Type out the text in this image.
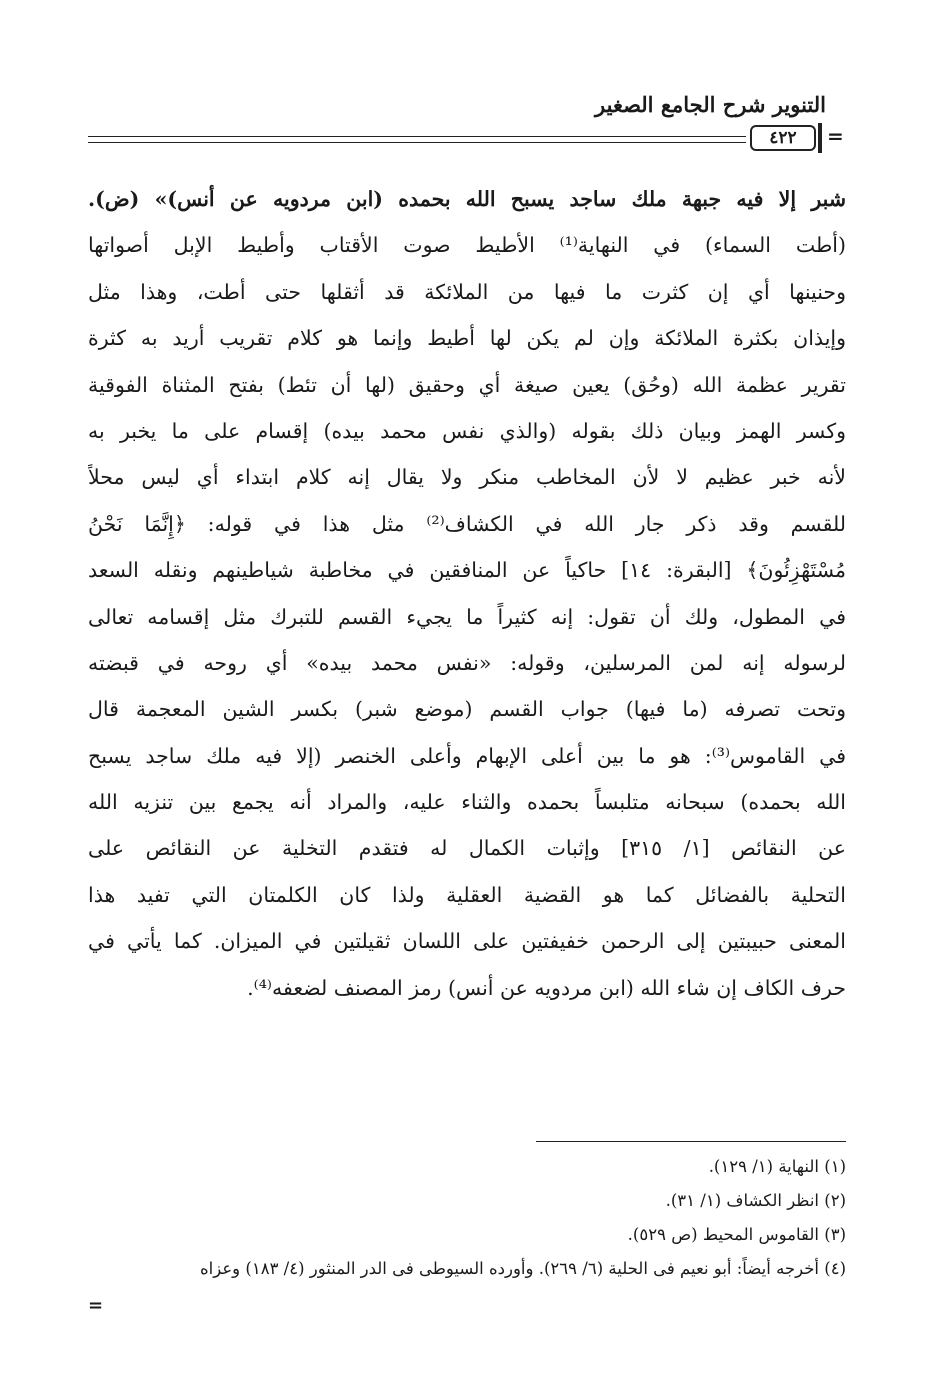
التنوير شرح الجامع الصغير
٤٢٢	=
شبر إلا فيه جبهة ملك ساجد يسبح الله بحمده (ابن مردويه عن أنس)» (ض).
(أطت السماء) في النهاية⁽¹⁾ الأطيط صوت الأقتاب وأطيط الإبل أصواتها
وحنينها أي إن كثرت ما فيها من الملائكة قد أثقلها حتى أطت، وهذا مثل
وإيذان بكثرة الملائكة وإن لم يكن لها أطيط وإنما هو كلام تقريب أريد به كثرة
تقرير عظمة الله (وحُق) يعين صيغة أي وحقيق (لها أن تئط) بفتح المثناة الفوقية
وكسر الهمز وبيان ذلك بقوله (والذي نفس محمد بيده) إقسام على ما يخبر به
لأنه خبر عظيم لا لأن المخاطب منكر ولا يقال إنه كلام ابتداء أي ليس محلاً
للقسم وقد ذكر جار الله في الكشاف⁽²⁾ مثل هذا في قوله: ﴿إِنَّمَا نَحْنُ
مُسْتَهْزِئُونَ﴾ [البقرة: ١٤] حاكياً عن المنافقين في مخاطبة شياطينهم ونقله السعد
في المطول، ولك أن تقول: إنه كثيراً ما يجيء القسم للتبرك مثل إقسامه تعالى
لرسوله إنه لمن المرسلين، وقوله: «نفس محمد بيده» أي روحه في قبضته
وتحت تصرفه (ما فيها) جواب القسم (موضع شبر) بكسر الشين المعجمة قال
في القاموس⁽³⁾: هو ما بين أعلى الإبهام وأعلى الخنصر (إلا فيه ملك ساجد يسبح
الله بحمده) سبحانه متلبساً بحمده والثناء عليه، والمراد أنه يجمع بين تنزيه الله
عن النقائص [١/ ٣١٥] وإثبات الكمال له فتقدم التخلية عن النقائص على
التحلية بالفضائل كما هو القضية العقلية ولذا كان الكلمتان التي تفيد هذا
المعنى حبيبتين إلى الرحمن خفيفتين على اللسان ثقيلتين في الميزان. كما يأتي في
حرف الكاف إن شاء الله (ابن مردويه عن أنس) رمز المصنف لضعفه⁽⁴⁾.
(١) النهاية (١/ ١٢٩).
(٢) انظر الكشاف (١/ ٣١).
(٣) القاموس المحيط (ص ٥٢٩).
(٤) أخرجه أيضاً: أبو نعيم فى الحلية (٦/ ٢٦٩). وأورده السيوطى فى الدر المنثور (٤/ ١٨٣) وعزاه
=
